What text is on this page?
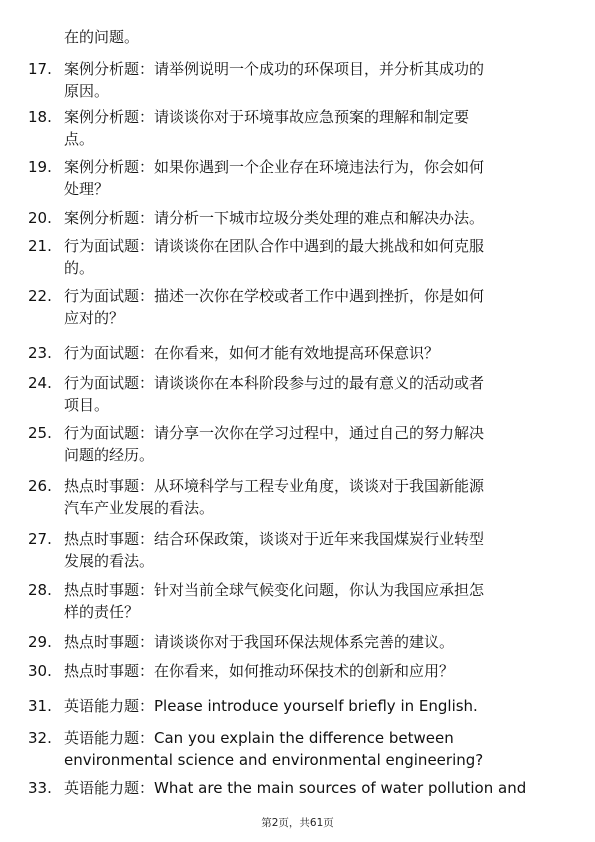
在的问题。
17. 案例分析题：请举例说明一个成功的环保项目，并分析其成功的
原因。
18. 案例分析题：请谈谈你对于环境事故应急预案的理解和制定要
点。
19. 案例分析题：如果你遇到一个企业存在环境违法行为，你会如何
处理？
20. 案例分析题：请分析一下城市垃圾分类处理的难点和解决办法。
21. 行为面试题：请谈谈你在团队合作中遇到的最大挑战和如何克服
的。
22. 行为面试题：描述一次你在学校或者工作中遇到挫折，你是如何
应对的？
23. 行为面试题：在你看来，如何才能有效地提高环保意识？
24. 行为面试题：请谈谈你在本科阶段参与过的最有意义的活动或者
项目。
25. 行为面试题：请分享一次你在学习过程中，通过自己的努力解决
问题的经历。
26. 热点时事题：从环境科学与工程专业角度，谈谈对于我国新能源
汽车产业发展的看法。
27. 热点时事题：结合环保政策，谈谈对于近年来我国煤炭行业转型
发展的看法。
28. 热点时事题：针对当前全球气候变化问题，你认为我国应承担怎
样的责任？
29. 热点时事题：请谈谈你对于我国环保法规体系完善的建议。
30. 热点时事题：在你看来，如何推动环保技术的创新和应用？
31. 英语能力题：Please introduce yourself briefly in English.
32. 英语能力题：Can you explain the difference between
environmental science and environmental engineering?
33. 英语能力题：What are the main sources of water pollution and
第2页，共61页
